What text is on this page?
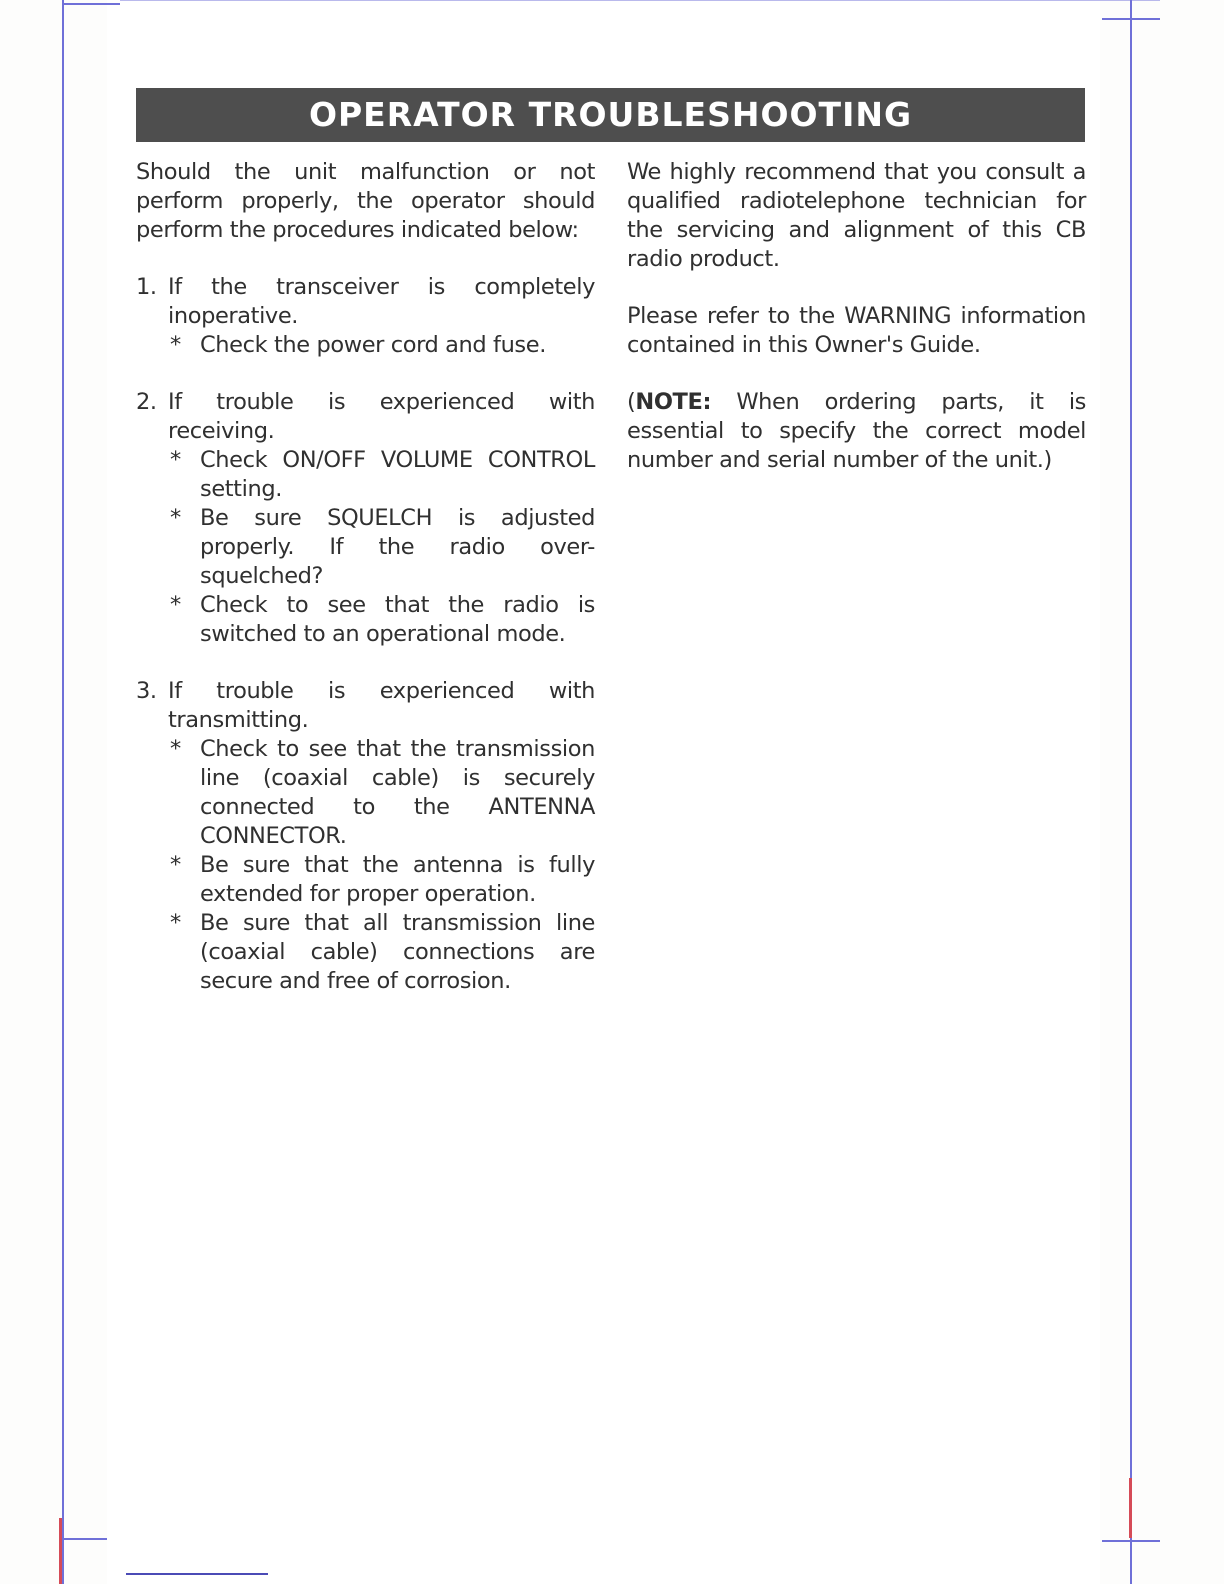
OPERATOR TROUBLESHOOTING

Should the unit malfunction or not perform properly, the operator should perform the procedures indicated below:

1. If the transceiver is completely inoperative.
* Check the power cord and fuse.
2. If trouble is experienced with receiving.
* Check ON/OFF VOLUME CONTROL setting.
* Be sure SQUELCH is adjusted properly. If the radio over-squelched?
* Check to see that the radio is switched to an operational mode.
3. If trouble is experienced with transmitting.
* Check to see that the transmission line (coaxial cable) is securely connected to the ANTENNA CONNECTOR.
* Be sure that the antenna is fully extended for proper operation.
* Be sure that all transmission line (coaxial cable) connections are secure and free of corrosion.

We highly recommend that you consult a qualified radiotelephone technician for the servicing and alignment of this CB radio product.

Please refer to the WARNING information contained in this Owner's Guide.

(NOTE: When ordering parts, it is essential to specify the correct model number and serial number of the unit.)
